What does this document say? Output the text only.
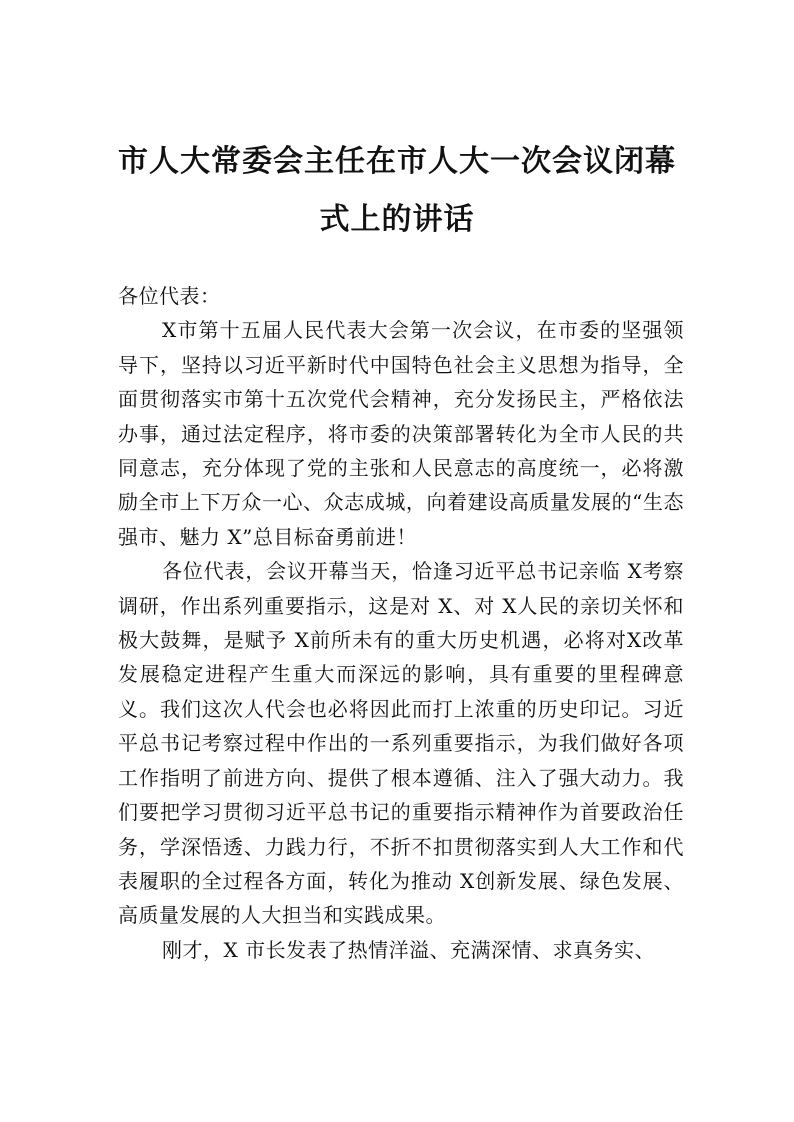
市人大常委会主任在市人大一次会议闭幕
式上的讲话

各位代表：

X市第十五届人民代表大会第一次会议，在市委的坚强领导下，坚持以习近平新时代中国特色社会主义思想为指导，全面贯彻落实市第十五次党代会精神，充分发扬民主，严格依法办事，通过法定程序，将市委的决策部署转化为全市人民的共同意志，充分体现了党的主张和人民意志的高度统一，必将激励全市上下万众一心、众志成城，向着建设高质量发展的“生态强市、魅力 X”总目标奋勇前进！

各位代表，会议开幕当天，恰逢习近平总书记亲临 X考察调研，作出系列重要指示，这是对 X、对 X人民的亲切关怀和极大鼓舞，是赋予 X前所未有的重大历史机遇，必将对X改革发展稳定进程产生重大而深远的影响，具有重要的里程碑意义。我们这次人代会也必将因此而打上浓重的历史印记。习近平总书记考察过程中作出的一系列重要指示，为我们做好各项工作指明了前进方向、提供了根本遵循、注入了强大动力。我们要把学习贯彻习近平总书记的重要指示精神作为首要政治任务，学深悟透、力践力行，不折不扣贯彻落实到人大工作和代表履职的全过程各方面，转化为推动 X创新发展、绿色发展、高质量发展的人大担当和实践成果。

刚才，X 市长发表了热情洋溢、充满深情、求真务实、
